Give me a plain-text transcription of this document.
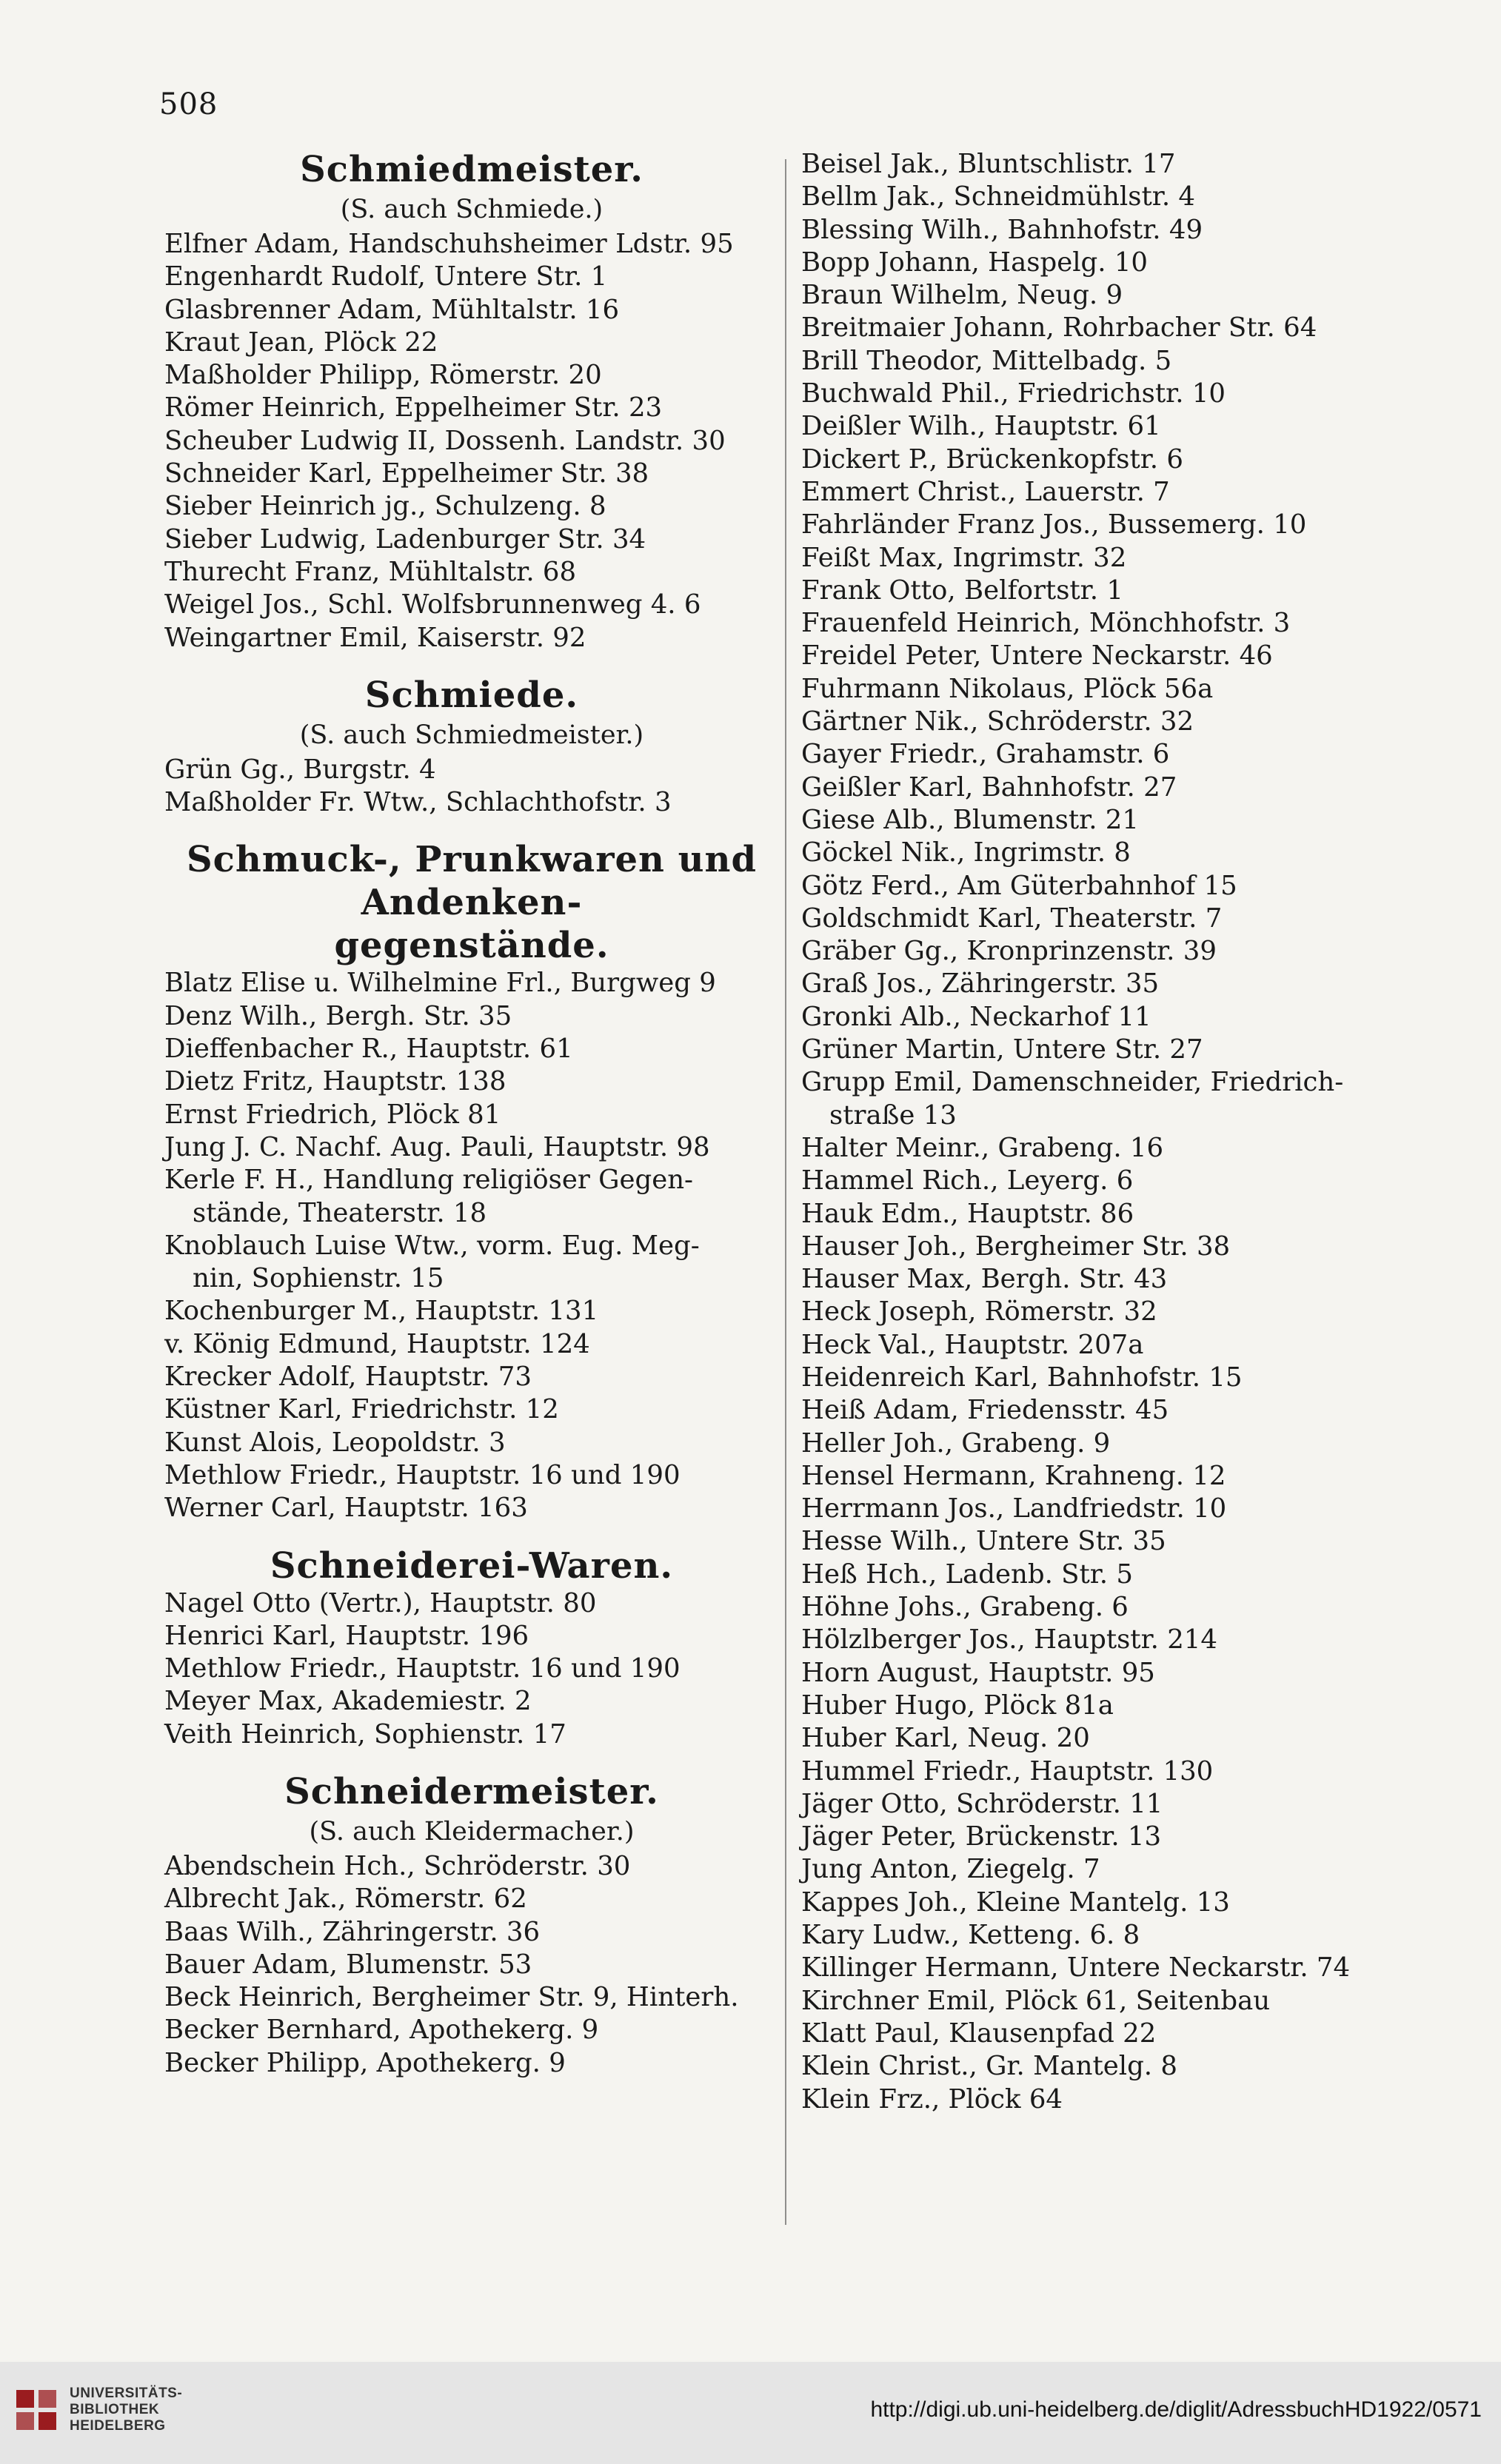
508
Schmiedmeister.
(S. auch Schmiede.)
Elfner Adam, Handschuhsheimer Ldstr. 95
Engenhardt Rudolf, Untere Str. 1
Glasbrenner Adam, Mühltalstr. 16
Kraut Jean, Plöck 22
Maßholder Philipp, Römerstr. 20
Römer Heinrich, Eppelheimer Str. 23
Scheuber Ludwig II, Dossenh. Landstr. 30
Schneider Karl, Eppelheimer Str. 38
Sieber Heinrich jg., Schulzeng. 8
Sieber Ludwig, Ladenburger Str. 34
Thurecht Franz, Mühltalstr. 68
Weigel Jos., Schl. Wolfsbrunnenweg 4. 6
Weingartner Emil, Kaiserstr. 92
Schmiede.
(S. auch Schmiedmeister.)
Grün Gg., Burgstr. 4
Maßholder Fr. Wtw., Schlachthofstr. 3
Schmuck-, Prunkwaren und Andenken-
gegenstände.
Blatz Elise u. Wilhelmine Frl., Burgweg 9
Denz Wilh., Bergh. Str. 35
Dieffenbacher R., Hauptstr. 61
Dietz Fritz, Hauptstr. 138
Ernst Friedrich, Plöck 81
Jung J. C. Nachf. Aug. Pauli, Hauptstr. 98
Kerle F. H., Handlung religiöser Gegen-
stände, Theaterstr. 18
Knoblauch Luise Wtw., vorm. Eug. Meg-
nin, Sophienstr. 15
Kochenburger M., Hauptstr. 131
v. König Edmund, Hauptstr. 124
Krecker Adolf, Hauptstr. 73
Küstner Karl, Friedrichstr. 12
Kunst Alois, Leopoldstr. 3
Methlow Friedr., Hauptstr. 16 und 190
Werner Carl, Hauptstr. 163
Schneiderei-Waren.
Nagel Otto (Vertr.), Hauptstr. 80
Henrici Karl, Hauptstr. 196
Methlow Friedr., Hauptstr. 16 und 190
Meyer Max, Akademiestr. 2
Veith Heinrich, Sophienstr. 17
Schneidermeister.
(S. auch Kleidermacher.)
Abendschein Hch., Schröderstr. 30
Albrecht Jak., Römerstr. 62
Baas Wilh., Zähringerstr. 36
Bauer Adam, Blumenstr. 53
Beck Heinrich, Bergheimer Str. 9, Hinterh.
Becker Bernhard, Apothekerg. 9
Becker Philipp, Apothekerg. 9
Beisel Jak., Bluntschlistr. 17
Bellm Jak., Schneidmühlstr. 4
Blessing Wilh., Bahnhofstr. 49
Bopp Johann, Haspelg. 10
Braun Wilhelm, Neug. 9
Breitmaier Johann, Rohrbacher Str. 64
Brill Theodor, Mittelbadg. 5
Buchwald Phil., Friedrichstr. 10
Deißler Wilh., Hauptstr. 61
Dickert P., Brückenkopfstr. 6
Emmert Christ., Lauerstr. 7
Fahrländer Franz Jos., Bussemerg. 10
Feißt Max, Ingrimstr. 32
Frank Otto, Belfortstr. 1
Frauenfeld Heinrich, Mönchhofstr. 3
Freidel Peter, Untere Neckarstr. 46
Fuhrmann Nikolaus, Plöck 56a
Gärtner Nik., Schröderstr. 32
Gayer Friedr., Grahamstr. 6
Geißler Karl, Bahnhofstr. 27
Giese Alb., Blumenstr. 21
Göckel Nik., Ingrimstr. 8
Götz Ferd., Am Güterbahnhof 15
Goldschmidt Karl, Theaterstr. 7
Gräber Gg., Kronprinzenstr. 39
Graß Jos., Zähringerstr. 35
Gronki Alb., Neckarhof 11
Grüner Martin, Untere Str. 27
Grupp Emil, Damenschneider, Friedrich-
straße 13
Halter Meinr., Grabeng. 16
Hammel Rich., Leyerg. 6
Hauk Edm., Hauptstr. 86
Hauser Joh., Bergheimer Str. 38
Hauser Max, Bergh. Str. 43
Heck Joseph, Römerstr. 32
Heck Val., Hauptstr. 207a
Heidenreich Karl, Bahnhofstr. 15
Heiß Adam, Friedensstr. 45
Heller Joh., Grabeng. 9
Hensel Hermann, Krahneng. 12
Herrmann Jos., Landfriedstr. 10
Hesse Wilh., Untere Str. 35
Heß Hch., Ladenb. Str. 5
Höhne Johs., Grabeng. 6
Hölzlberger Jos., Hauptstr. 214
Horn August, Hauptstr. 95
Huber Hugo, Plöck 81a
Huber Karl, Neug. 20
Hummel Friedr., Hauptstr. 130
Jäger Otto, Schröderstr. 11
Jäger Peter, Brückenstr. 13
Jung Anton, Ziegelg. 7
Kappes Joh., Kleine Mantelg. 13
Kary Ludw., Ketteng. 6. 8
Killinger Hermann, Untere Neckarstr. 74
Kirchner Emil, Plöck 61, Seitenbau
Klatt Paul, Klausenpfad 22
Klein Christ., Gr. Mantelg. 8
Klein Frz., Plöck 64
UNIVERSITÄTS-
BIBLIOTHEK
HEIDELBERG
http://digi.ub.uni-heidelberg.de/diglit/AdressbuchHD1922/0571
